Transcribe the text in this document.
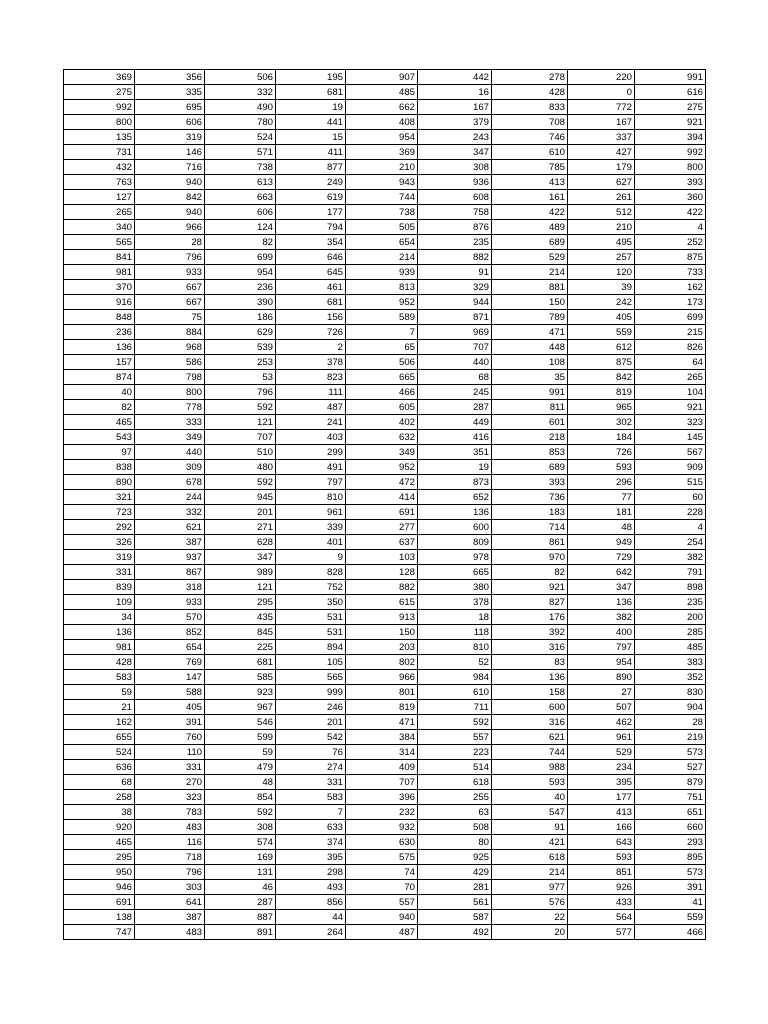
369	356	506	195	907	442	278	220	991
275	335	332	681	485	16	428	0	616
992	695	490	19	662	167	833	772	275
800	606	780	441	408	379	708	167	921
135	319	524	15	954	243	746	337	394
731	146	571	411	369	347	610	427	992
432	716	738	877	210	308	785	179	800
763	940	613	249	943	936	413	627	393
127	842	663	619	744	608	161	261	360
265	940	606	177	738	758	422	512	422
340	966	124	794	505	876	489	210	4
565	28	82	354	654	235	689	495	252
841	796	699	646	214	882	529	257	875
981	933	954	645	939	91	214	120	733
370	667	236	461	813	329	881	39	162
916	667	390	681	952	944	150	242	173
848	75	186	156	589	871	789	405	699
236	884	629	726	7	969	471	559	215
136	968	539	2	65	707	448	612	826
157	586	253	378	506	440	108	875	64
874	798	53	823	665	68	35	842	265
40	800	796	111	466	245	991	819	104
82	778	592	487	605	287	811	965	921
465	333	121	241	402	449	601	302	323
543	349	707	403	632	416	218	184	145
97	440	510	299	349	351	853	726	567
838	309	480	491	952	19	689	593	909
890	678	592	797	472	873	393	296	515
321	244	945	810	414	652	736	77	60
723	332	201	961	691	136	183	181	228
292	621	271	339	277	600	714	48	4
326	387	628	401	637	809	861	949	254
319	937	347	9	103	978	970	729	382
331	867	989	828	128	665	82	642	791
839	318	121	752	882	380	921	347	898
109	933	295	350	615	378	827	136	235
34	570	435	531	913	18	176	382	200
136	852	845	531	150	118	392	400	285
981	654	225	894	203	810	316	797	485
428	769	681	105	802	52	83	954	383
583	147	585	565	966	984	136	890	352
59	588	923	999	801	610	158	27	830
21	405	967	246	819	711	600	507	904
162	391	546	201	471	592	316	462	28
655	760	599	542	384	557	621	961	219
524	110	59	76	314	223	744	529	573
636	331	479	274	409	514	988	234	527
68	270	48	331	707	618	593	395	879
258	323	854	583	396	255	40	177	751
38	783	592	7	232	63	547	413	651
920	483	308	633	932	508	91	166	660
465	116	574	374	630	80	421	643	293
295	718	169	395	575	925	618	593	895
950	796	131	298	74	429	214	851	573
946	303	46	493	70	281	977	926	391
691	641	287	856	557	561	576	433	41
138	387	887	44	940	587	22	564	559
747	483	891	264	487	492	20	577	466
